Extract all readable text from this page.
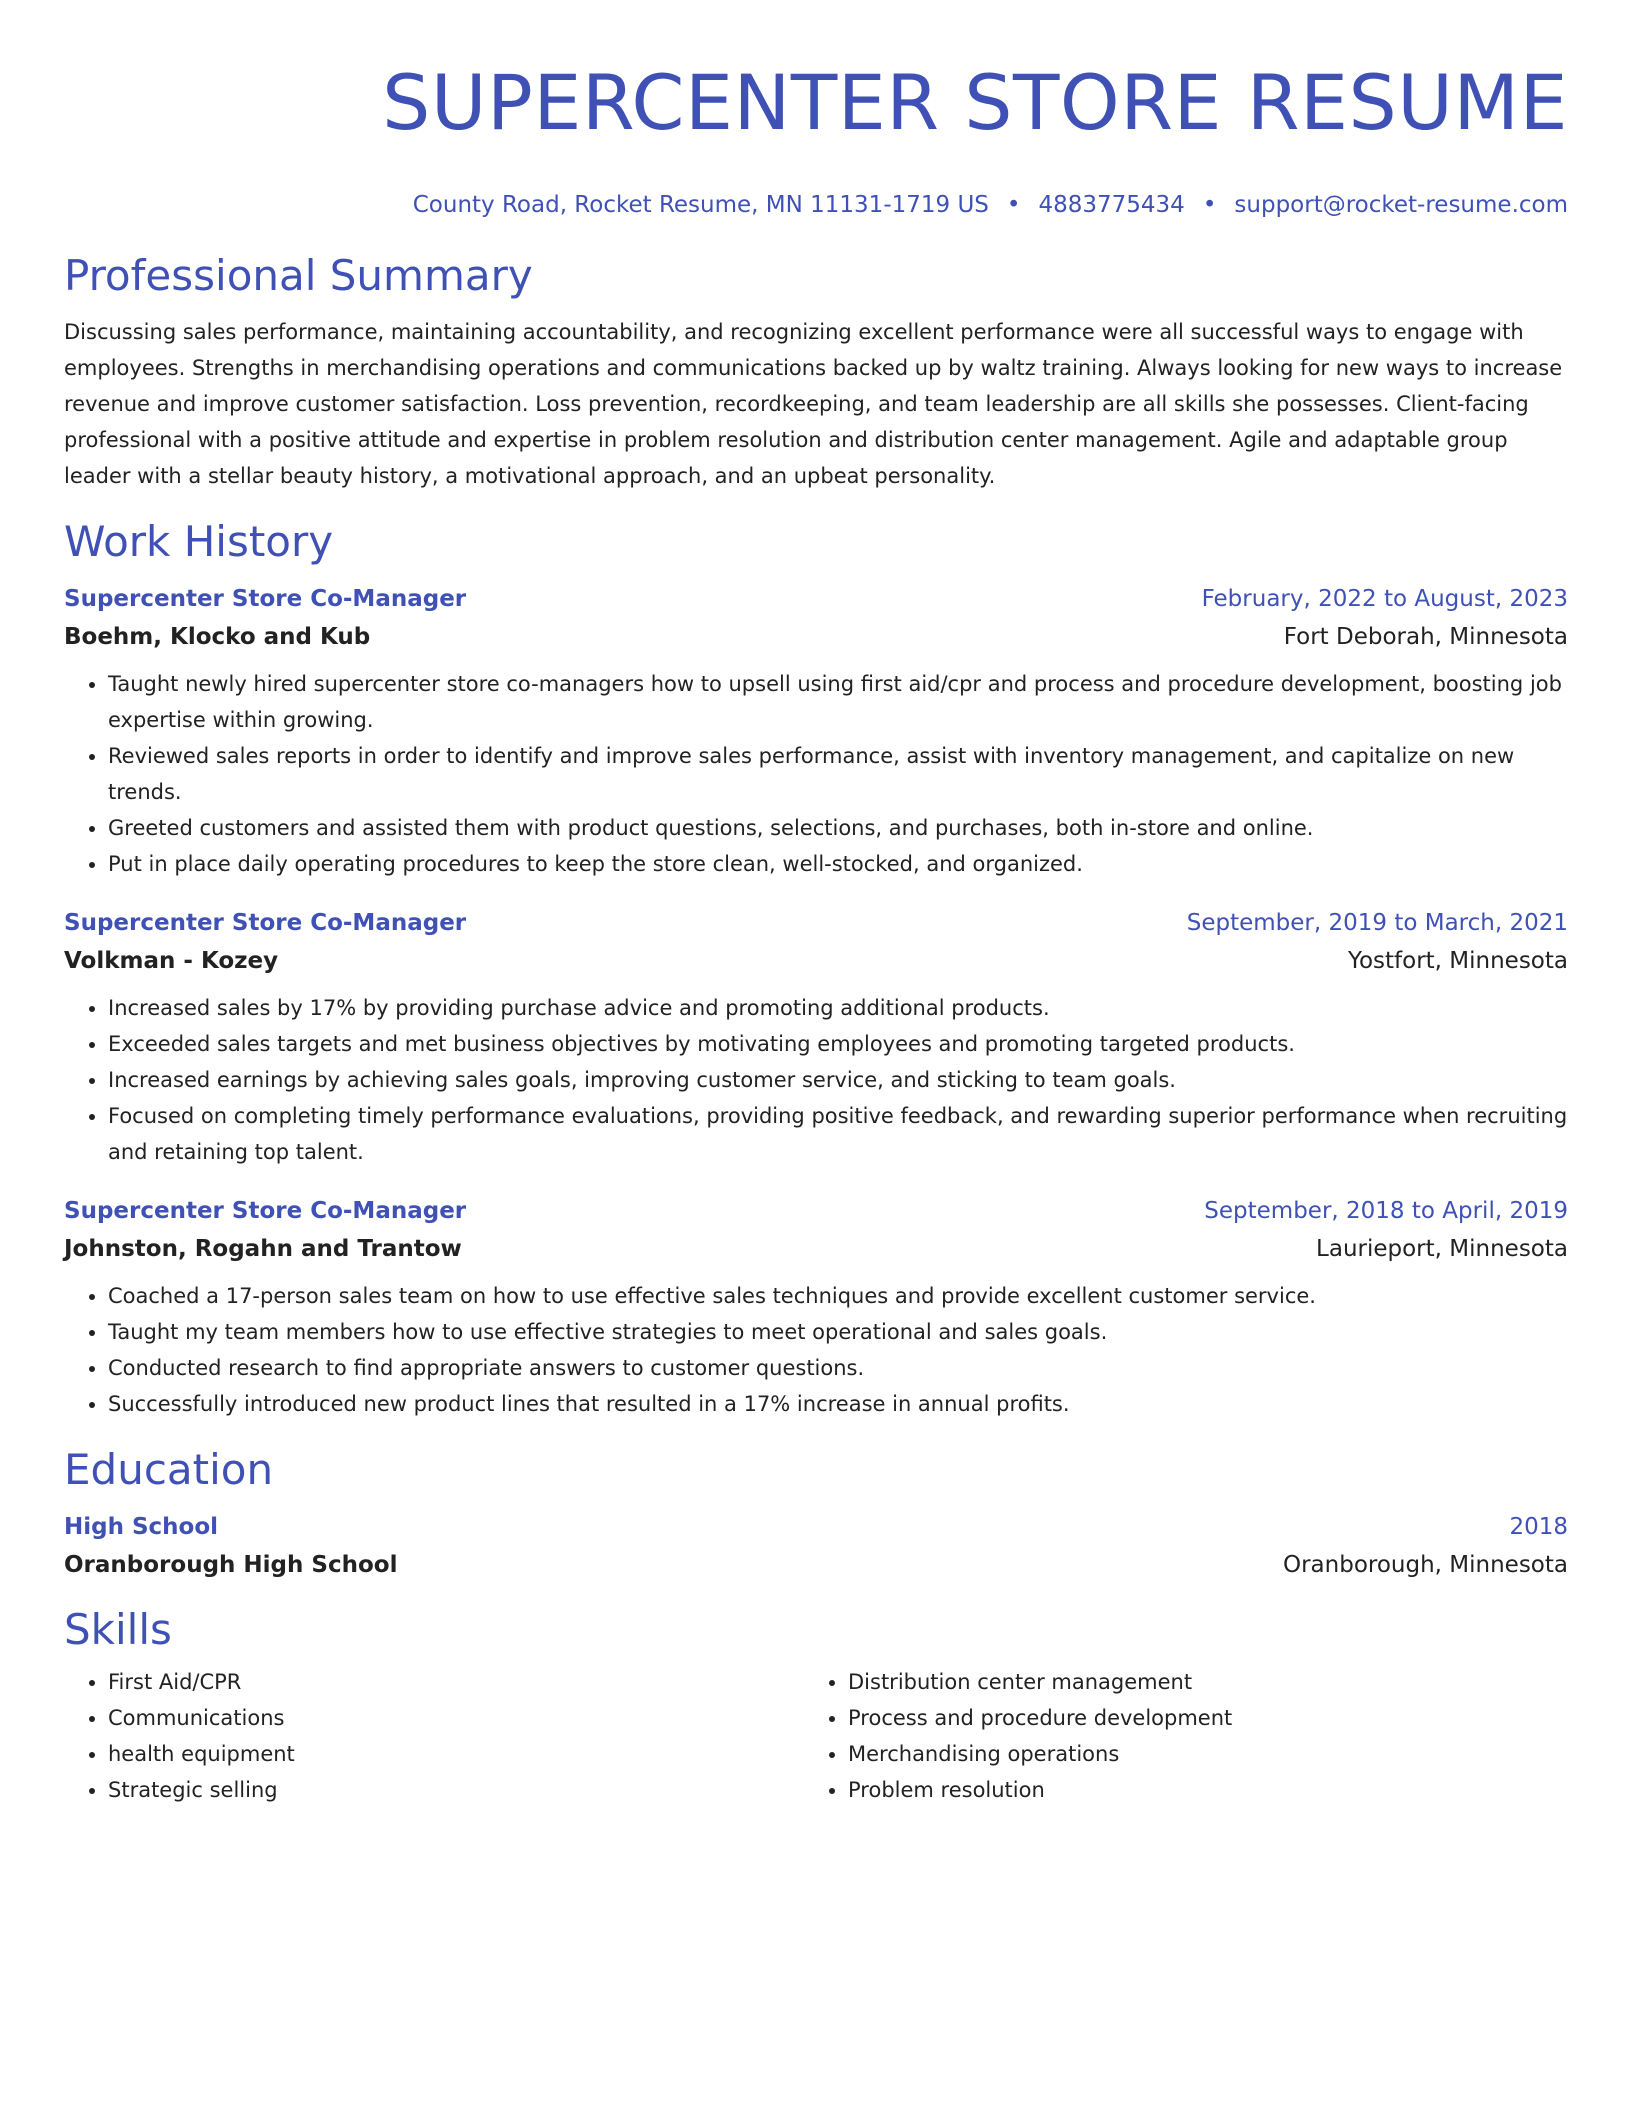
SUPERCENTER STORE RESUME
County Road, Rocket Resume, MN 11131-1719 US • 4883775434 • support@rocket-resume.com
Professional Summary

Discussing sales performance, maintaining accountability, and recognizing excellent performance were all successful ways to engage with employees. Strengths in merchandising operations and communications backed up by waltz training. Always looking for new ways to increase revenue and improve customer satisfaction. Loss prevention, recordkeeping, and team leadership are all skills she possesses. Client-facing professional with a positive attitude and expertise in problem resolution and distribution center management. Agile and adaptable group leader with a stellar beauty history, a motivational approach, and an upbeat personality.

Work History
Supercenter Store Co-Manager	February, 2022 to August, 2023
Boehm, Klocko and Kub	Fort Deborah, Minnesota
• Taught newly hired supercenter store co-managers how to upsell using first aid/cpr and process and procedure development, boosting job expertise within growing.
• Reviewed sales reports in order to identify and improve sales performance, assist with inventory management, and capitalize on new trends.
• Greeted customers and assisted them with product questions, selections, and purchases, both in-store and online.
• Put in place daily operating procedures to keep the store clean, well-stocked, and organized.
Supercenter Store Co-Manager	September, 2019 to March, 2021
Volkman - Kozey	Yostfort, Minnesota
• Increased sales by 17% by providing purchase advice and promoting additional products.
• Exceeded sales targets and met business objectives by motivating employees and promoting targeted products.
• Increased earnings by achieving sales goals, improving customer service, and sticking to team goals.
• Focused on completing timely performance evaluations, providing positive feedback, and rewarding superior performance when recruiting and retaining top talent.
Supercenter Store Co-Manager	September, 2018 to April, 2019
Johnston, Rogahn and Trantow	Laurieport, Minnesota
• Coached a 17-person sales team on how to use effective sales techniques and provide excellent customer service.
• Taught my team members how to use effective strategies to meet operational and sales goals.
• Conducted research to find appropriate answers to customer questions.
• Successfully introduced new product lines that resulted in a 17% increase in annual profits.
Education
High School	2018
Oranborough High School	Oranborough, Minnesota
Skills
• First Aid/CPR
• Communications
• health equipment
• Strategic selling
• Distribution center management
• Process and procedure development
• Merchandising operations
• Problem resolution
